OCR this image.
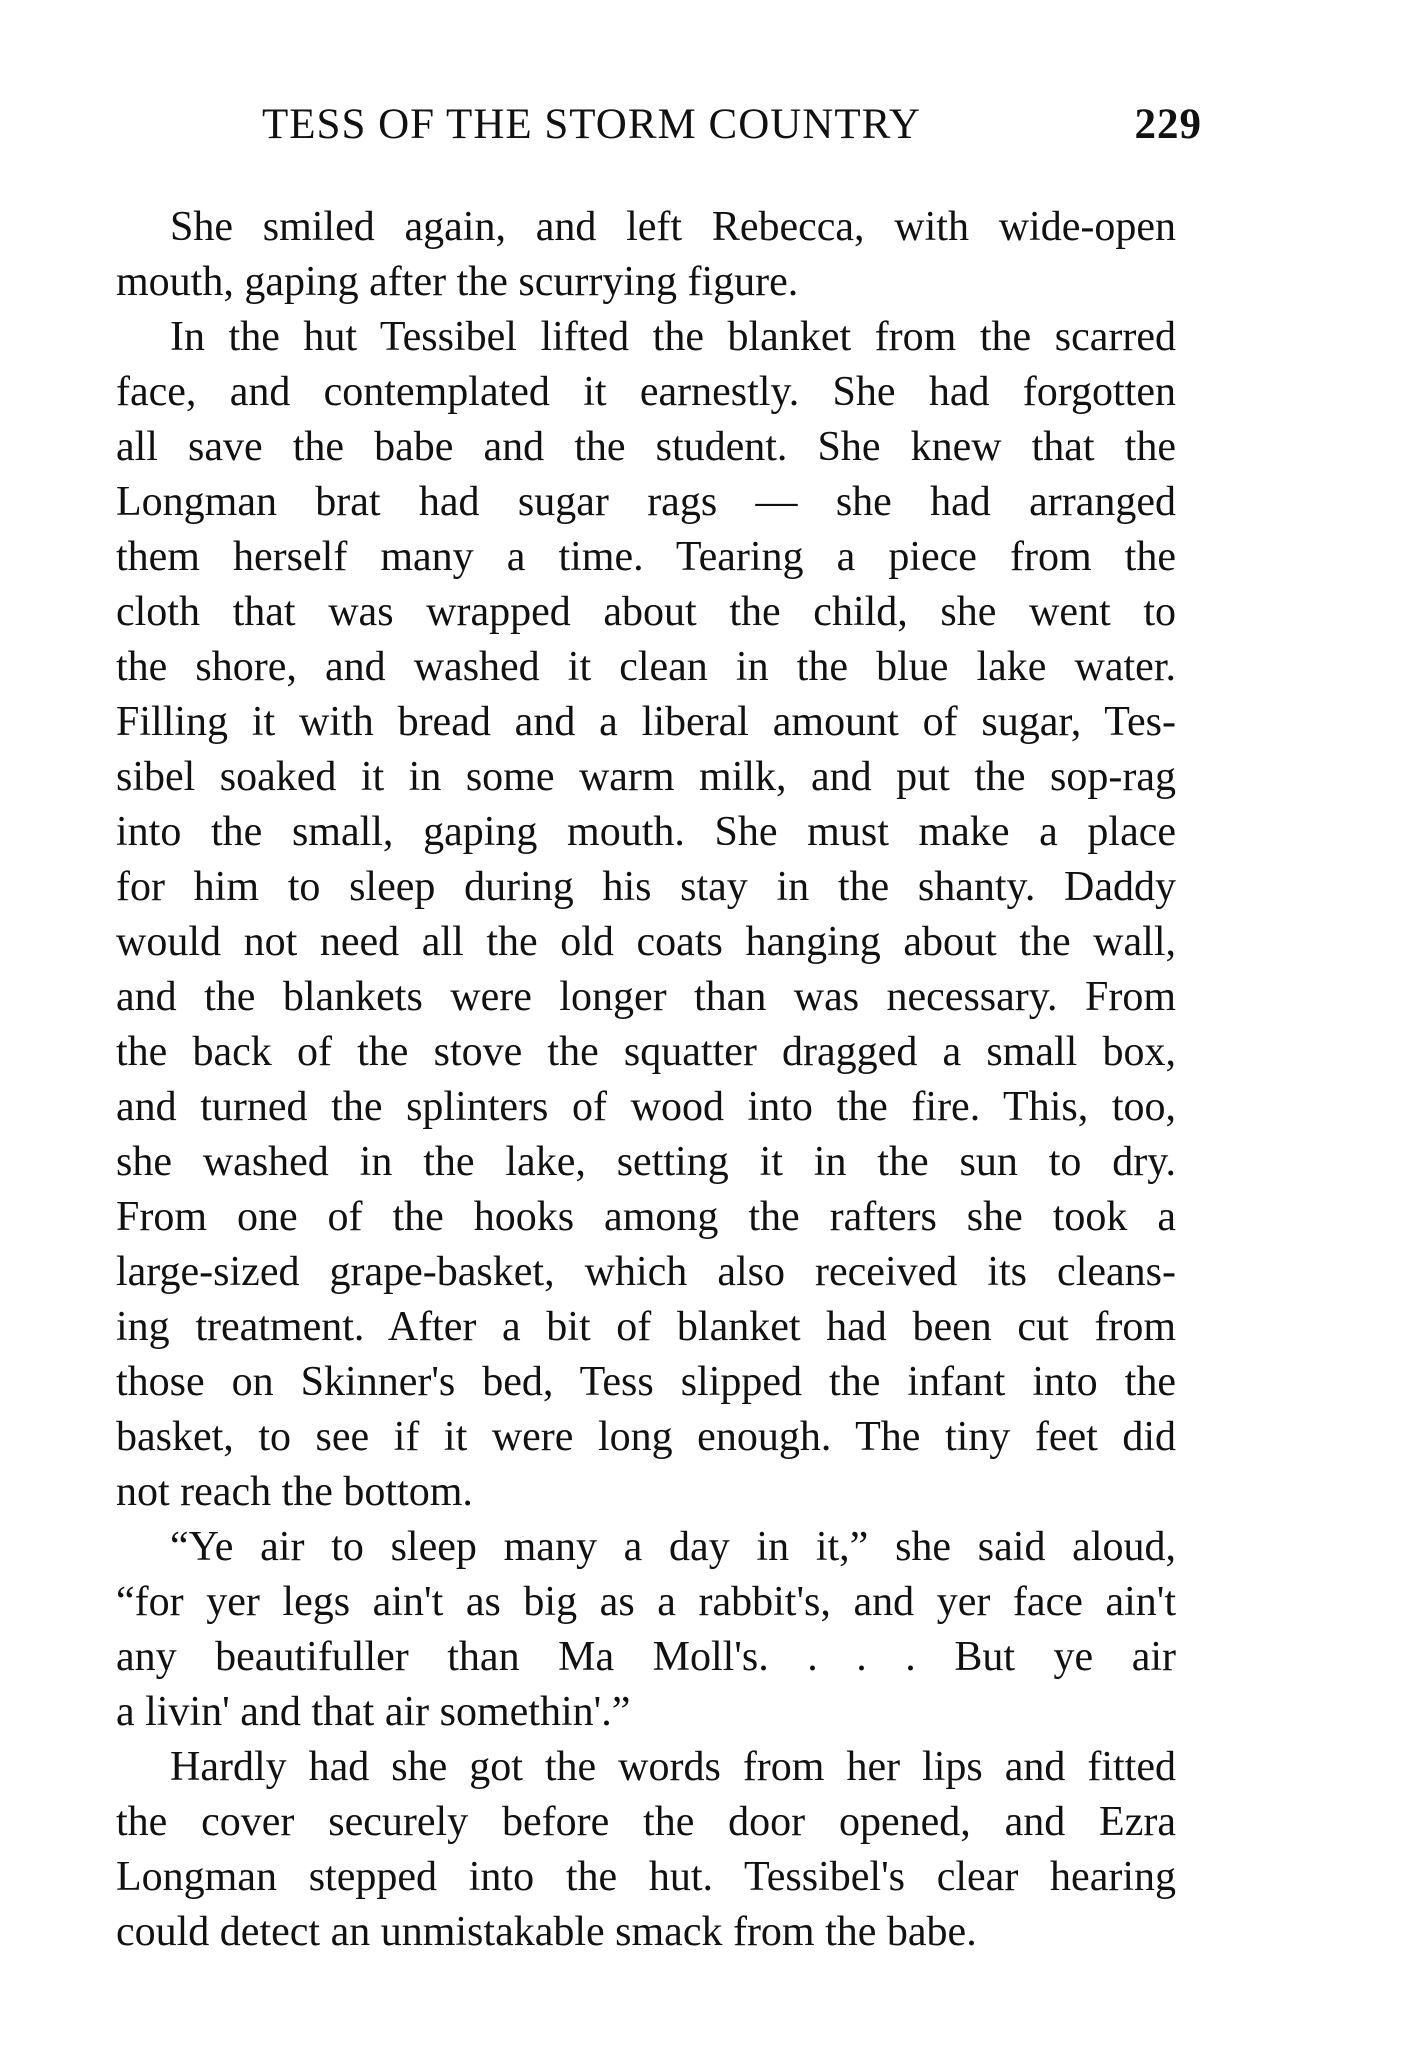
TESS OF THE STORM COUNTRY	229
She smiled again, and left Rebecca, with wide-open
mouth, gaping after the scurrying figure.
In the hut Tessibel lifted the blanket from the scarred
face, and contemplated it earnestly. She had forgotten
all save the babe and the student. She knew that the
Longman brat had sugar rags — she had arranged
them herself many a time. Tearing a piece from the
cloth that was wrapped about the child, she went to
the shore, and washed it clean in the blue lake water.
Filling it with bread and a liberal amount of sugar, Tes-
sibel soaked it in some warm milk, and put the sop-rag
into the small, gaping mouth. She must make a place
for him to sleep during his stay in the shanty. Daddy
would not need all the old coats hanging about the wall,
and the blankets were longer than was necessary. From
the back of the stove the squatter dragged a small box,
and turned the splinters of wood into the fire. This, too,
she washed in the lake, setting it in the sun to dry.
From one of the hooks among the rafters she took a
large-sized grape-basket, which also received its cleans-
ing treatment. After a bit of blanket had been cut from
those on Skinner's bed, Tess slipped the infant into the
basket, to see if it were long enough. The tiny feet did
not reach the bottom.
“Ye air to sleep many a day in it,” she said aloud,
“for yer legs ain't as big as a rabbit's, and yer face ain't
any beautifuller than Ma Moll's. . . . But ye air
a livin' and that air somethin'.”
Hardly had she got the words from her lips and fitted
the cover securely before the door opened, and Ezra
Longman stepped into the hut. Tessibel's clear hearing
could detect an unmistakable smack from the babe.
